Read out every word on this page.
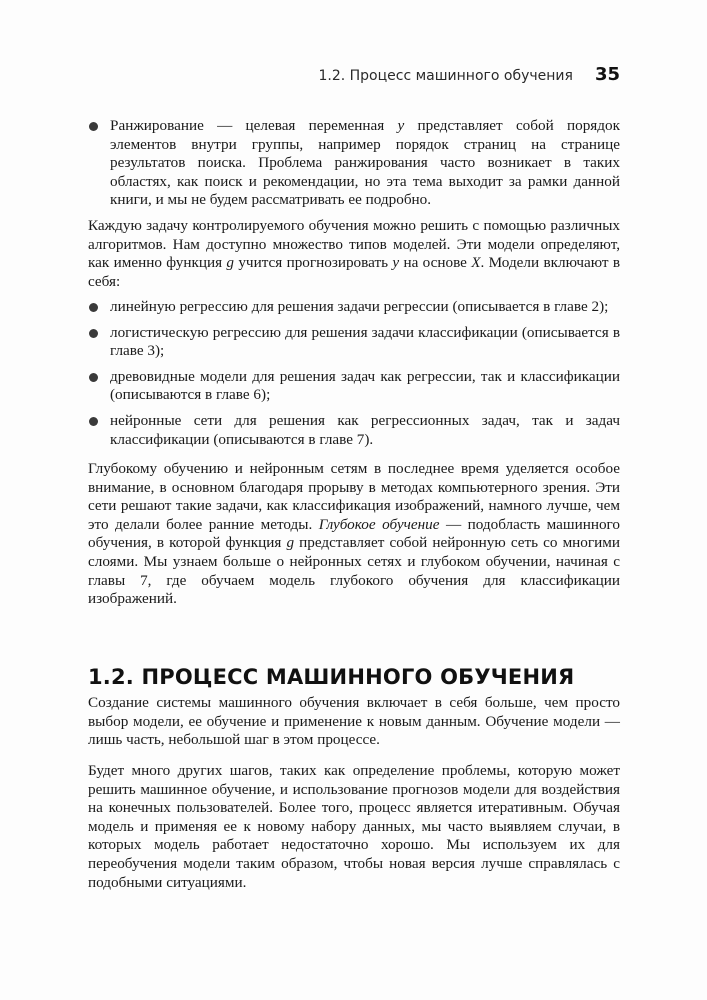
1.2. Процесс машинного обучения 35
Ранжирование — целевая переменная y представляет собой порядок элементов внутри группы, например порядок страниц на странице результатов поиска. Проблема ранжирования часто возникает в таких областях, как поиск и рекомендации, но эта тема выходит за рамки данной книги, и мы не будем рассматривать ее подробно.

Каждую задачу контролируемого обучения можно решить с помощью различных алгоритмов. Нам доступно множество типов моделей. Эти модели определяют, как именно функция g учится прогнозировать y на основе X. Модели включают в себя:

линейную регрессию для решения задачи регрессии (описывается в главе 2);
логистическую регрессию для решения задачи классификации (описывается в главе 3);
древовидные модели для решения задач как регрессии, так и классификации (описываются в главе 6);
нейронные сети для решения как регрессионных задач, так и задач классификации (описываются в главе 7).

Глубокому обучению и нейронным сетям в последнее время уделяется особое внимание, в основном благодаря прорыву в методах компьютерного зрения. Эти сети решают такие задачи, как классификация изображений, намного лучше, чем это делали более ранние методы. Глубокое обучение — подобласть машинного обучения, в которой функция g представляет собой нейронную сеть со многими слоями. Мы узнаем больше о нейронных сетях и глубоком обучении, начиная с главы 7, где обучаем модель глубокого обучения для классификации изображений.

1.2. ПРОЦЕСС МАШИННОГО ОБУЧЕНИЯ

Создание системы машинного обучения включает в себя больше, чем просто выбор модели, ее обучение и применение к новым данным. Обучение модели — лишь часть, небольшой шаг в этом процессе.

Будет много других шагов, таких как определение проблемы, которую может решить машинное обучение, и использование прогнозов модели для воздействия на конечных пользователей. Более того, процесс является итеративным. Обучая модель и применяя ее к новому набору данных, мы часто выявляем случаи, в которых модель работает недостаточно хорошо. Мы используем их для переобучения модели таким образом, чтобы новая версия лучше справлялась с подобными ситуациями.
